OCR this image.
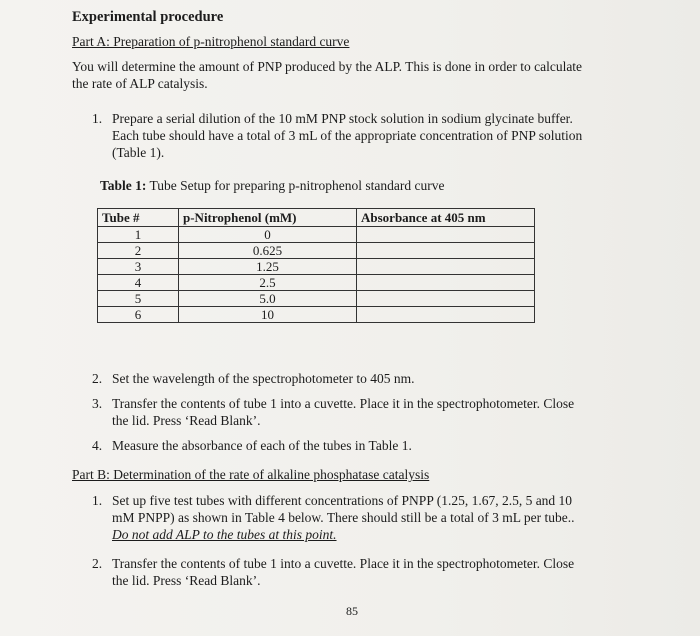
Experimental procedure
Part A: Preparation of p-nitrophenol standard curve
You will determine the amount of PNP produced by the ALP. This is done in order to calculate
the rate of ALP catalysis.
1. Prepare a serial dilution of the 10 mM PNP stock solution in sodium glycinate buffer.
Each tube should have a total of 3 mL of the appropriate concentration of PNP solution
(Table 1).
Table 1: Tube Setup for preparing p-nitrophenol standard curve
Tube #	p-Nitrophenol (mM)	Absorbance at 405 nm
1	0	
2	0.625	
3	1.25	
4	2.5	
5	5.0	
6	10	
2. Set the wavelength of the spectrophotometer to 405 nm.
3. Transfer the contents of tube 1 into a cuvette. Place it in the spectrophotometer. Close
the lid. Press ‘Read Blank’.
4. Measure the absorbance of each of the tubes in Table 1.
Part B: Determination of the rate of alkaline phosphatase catalysis
1. Set up five test tubes with different concentrations of PNPP (1.25, 1.67, 2.5, 5 and 10
mM PNPP) as shown in Table 4 below. There should still be a total of 3 mL per tube..
Do not add ALP to the tubes at this point.
2. Transfer the contents of tube 1 into a cuvette. Place it in the spectrophotometer. Close
the lid. Press ‘Read Blank’.
85
